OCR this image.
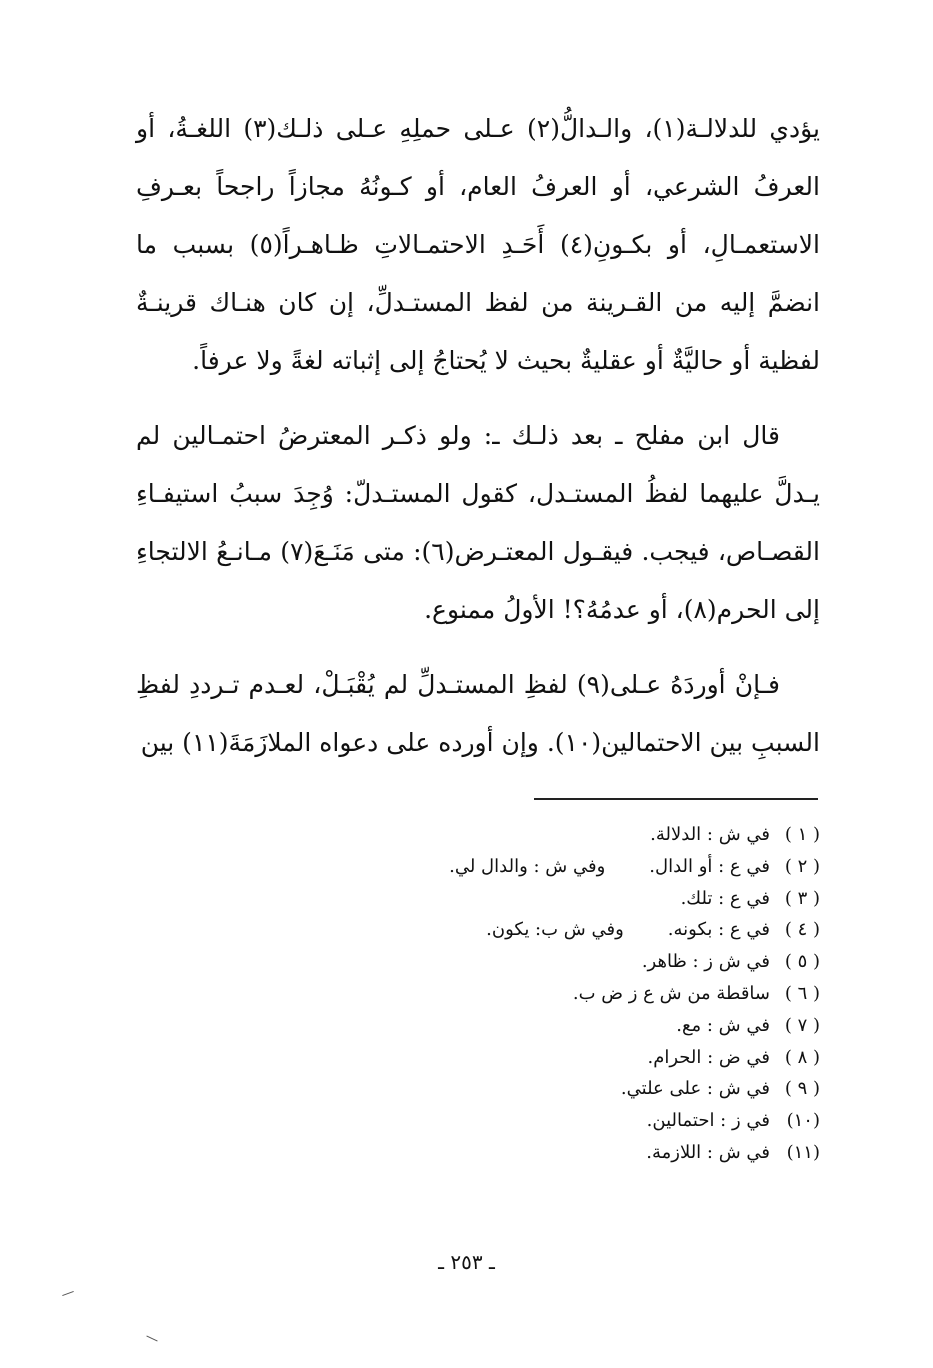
يؤدي للدلالـة(١)، والـدالُّ(٢) عـلى حملِهِ عـلى ذلـك(٣) اللغـةُ، أو العرفُ الشرعي، أو العرفُ العام، أو كـونُهُ مجازاً راجحاً بعـرفِ الاستعمـالِ، أو بكـونِ(٤) أَحَـدِ الاحتمـالاتِ ظـاهـراً(٥) بسبب ما انضمَّ إليه من القـرينة من لفظ المستـدلِّ، إن كان هنـاك قرينـةٌ لفظية أو حاليَّةٌ أو عقليةٌ بحيث لا يُحتاجُ إلى إثباته لغةً ولا عرفاً.

قال ابن مفلح ـ بعد ذلـك ـ: ولو ذكـر المعترضُ احتمـالين لم يـدلَّ عليهما لفظُ المستـدل، كقول المستـدلّ: وُجِدَ سببُ استيفـاءِ القصـاص، فيجب. فيقـول المعتـرض(٦): متى مَنَـعَ(٧) مـانـعُ الالتجاءِ إلى الحرم(٨)، أو عدمُهُ؟! الأولُ ممنوع.

فـإنْ أوردَهُ عـلى(٩) لفظِ المستـدلِّ لم يُقْبَـلْ، لعـدم تـرددِ لفظِ السببِ بين الاحتمالين(١٠). وإن أورده على دعواه الملازَمَةَ(١١) بين

( ١ )في ش : الدلالة.
( ٢ )في ع : أو الدال.وفي ش : والدال لي.
( ٣ )في ع : تلك.
( ٤ )في ع : بكونه.وفي ش ب: يكون.
( ٥ )في ش ز : ظاهر.
( ٦ )ساقطة من ش ع ز ض ب.
( ٧ )في ش : مع.
( ٨ )في ض : الحرام.
( ٩ )في ش : على علتي.
(١٠)في ز : احتمالين.
(١١)في ش : اللازمة.
ـ ٢٥٣ ـ
